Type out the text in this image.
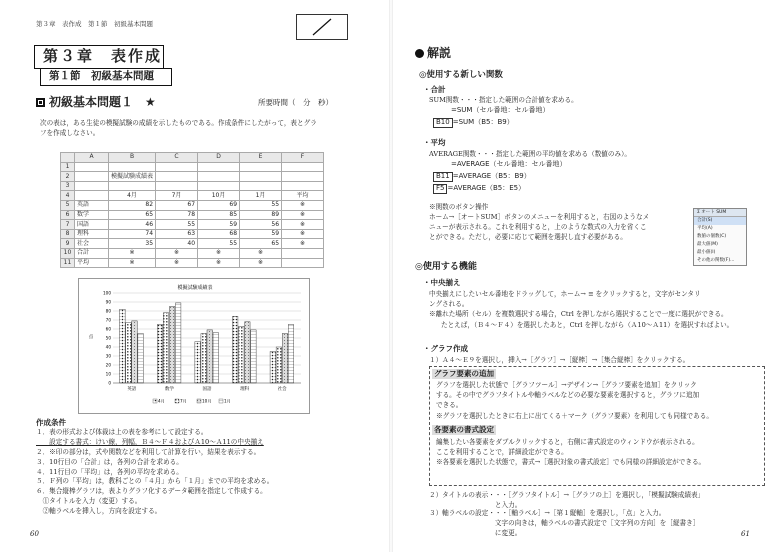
第３章　表作成　第１節　初級基本問題
第３章　表作成
第１節　初級基本問題
初級基本問題１　★	所要時間（　分　秒）
次の表は，ある生徒の模擬試験の成績を示したものである。作成条件にしたがって，表とグラ
フを作成しなさい。
	A	B	C	D	E	F
1						
2		模擬試験成績表				
3						
4		4月	7月	10月	1月	平均
5	英語	82	67	69	55	※
6	数学	65	78	85	89	※
7	国語	46	55	59	56	※
8	理科	74	63	68	59	※
9	社会	35	40	55	65	※
10	合計	※	※	※	※	
11	平均	※	※	※	※	
模擬試験成績表
0
10
20
30
40
50
60
70
80
90
100
点
英語	数学	国語	理科	社会
4月	7月	10月	1月
作成条件
１．表の形式および体裁は上の表を参考にして設定する。
　　設定する書式：けい線，列幅，Ｂ４～Ｆ４およびＡ10～Ａ11の中央揃え
２．※印の部分は，式や関数などを利用して計算を行い，結果を表示する。
３．10行目の「合計」は，各列の合計を求める。
４．11行目の「平均」は，各列の平均を求める。
５．Ｆ列の「平均」は，教科ごとの「４月」から「１月」までの平均を求める。
６．集合縦棒グラフは，表よりグラフ化するデータ範囲を指定して作成する。
　①タイトルを入力（変更）する。
　②軸ラベルを挿入し，方向を設定する。
60
解説
◎使用する新しい関数
・合計
SUM関数・・・指定した範囲の合計値を求める。
=SUM（セル番地：セル番地）
B10 =SUM（B5：B9）
・平均
AVERAGE関数・・・指定した範囲の平均値を求める（数値のみ）。
=AVERAGE（セル番地：セル番地）
B11 =AVERAGE（B5：B9）
F5 =AVERAGE（B5：E5）
※関数のボタン操作
ホーム→［オートSUM］ボタンのメニューを利用すると，右図のようなメ
ニューが表示される。これを利用すると，上のような数式の入力を省くこ
とができる。ただし，必要に応じて範囲を選択し直す必要がある。
Σ オート SUM
合計(S)
平均(A)
数値の個数(C)
最大値(M)
最小値(I)
その他の関数(F)...
◎使用する機能
・中央揃え
中央揃えにしたいセル番地をドラッグして，ホーム→ ≡ をクリックすると，文字がセンタリ
ングされる。
※離れた場所（セル）を複数選択する場合，Ctrl を押しながら選択することで一度に選択ができる。
たとえば，（Ｂ４～Ｆ４）を選択したあと，Ctrl を押しながら（Ａ10～Ａ11）を選択すればよい。
・グラフ作成
１）Ａ４～Ｅ９を選択し，挿入→［グラフ］→［縦棒］→［集合縦棒］をクリックする。
グラフ要素の追加
グラフを選択した状態で［グラフツール］→デザイン→［グラフ要素を追加］をクリック
する。その中でグラフタイトルや軸ラベルなどの必要な要素を選択すると，グラフに追加
できる。
※グラフを選択したときに右上に出てくる＋マーク（グラフ要素）を利用しても同様である。
各要素の書式設定
編集したい各要素をダブルクリックすると，右側に書式設定のウィンドウが表示される。
ここを利用することで，詳細設定ができる。
※各要素を選択した状態で，書式→［選択対象の書式設定］でも同様の詳細設定ができる。
２）タイトルの表示・・・［グラフタイトル］→［グラフの上］を選択し，「模擬試験成績表」
　　　　　　　　　　と入力。
３）軸ラベルの設定・・・［軸ラベル］→［第１縦軸］を選択し，「点」と入力。
　　　　　　　　　　文字の向きは，軸ラベルの書式設定で［文字列の方向］を［縦書き］
　　　　　　　　　　に変更。	61
